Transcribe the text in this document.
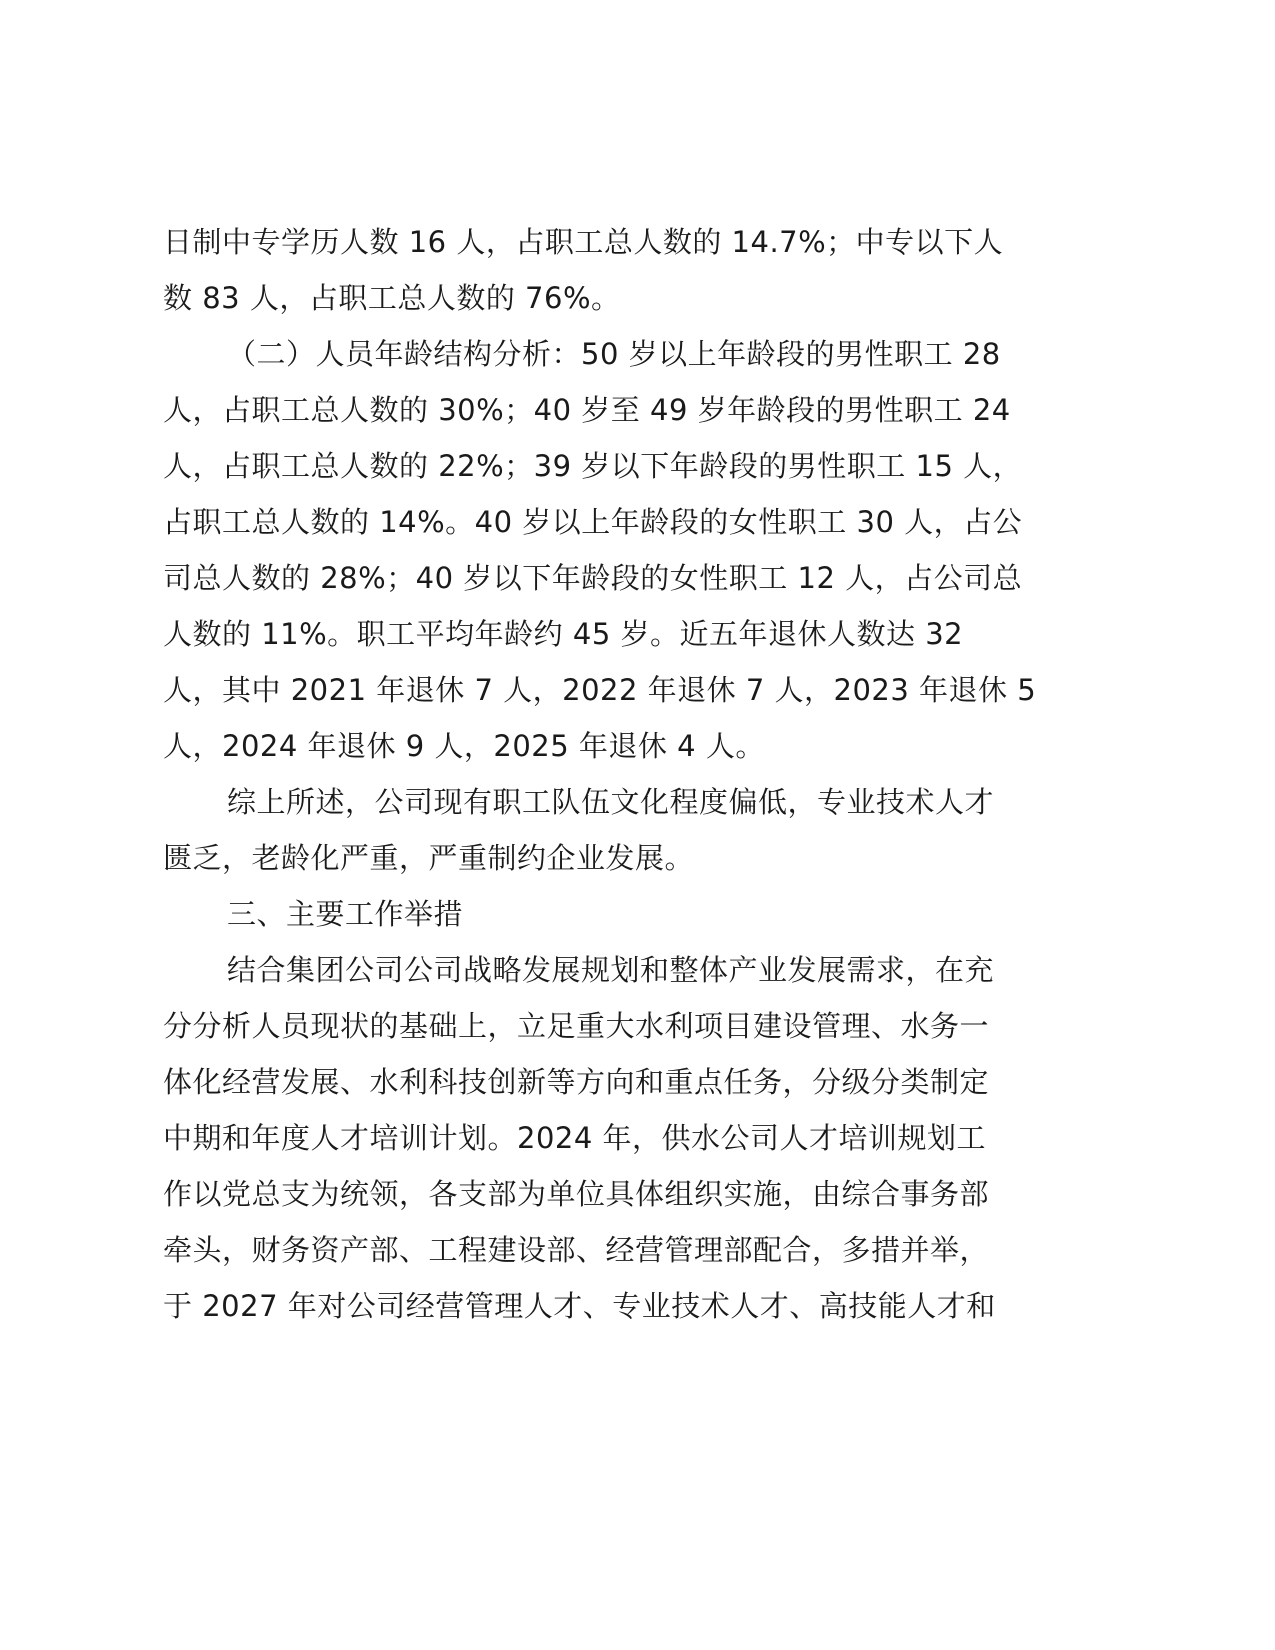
日制中专学历人数 16 人，占职工总人数的 14.7%；中专以下人
数 83 人，占职工总人数的 76%。
（二）人员年龄结构分析：50 岁以上年龄段的男性职工 28
人，占职工总人数的 30%；40 岁至 49 岁年龄段的男性职工 24
人，占职工总人数的 22%；39 岁以下年龄段的男性职工 15 人，
占职工总人数的 14%。40 岁以上年龄段的女性职工 30 人，占公
司总人数的 28%；40 岁以下年龄段的女性职工 12 人，占公司总
人数的 11%。职工平均年龄约 45 岁。近五年退休人数达 32
人，其中 2021 年退休 7 人，2022 年退休 7 人，2023 年退休 5
人，2024 年退休 9 人，2025 年退休 4 人。
综上所述，公司现有职工队伍文化程度偏低，专业技术人才
匮乏，老龄化严重，严重制约企业发展。
三、主要工作举措
结合集团公司公司战略发展规划和整体产业发展需求，在充
分分析人员现状的基础上，立足重大水利项目建设管理、水务一
体化经营发展、水利科技创新等方向和重点任务，分级分类制定
中期和年度人才培训计划。2024 年，供水公司人才培训规划工
作以党总支为统领，各支部为单位具体组织实施，由综合事务部
牵头，财务资产部、工程建设部、经营管理部配合，多措并举，
于 2027 年对公司经营管理人才、专业技术人才、高技能人才和
